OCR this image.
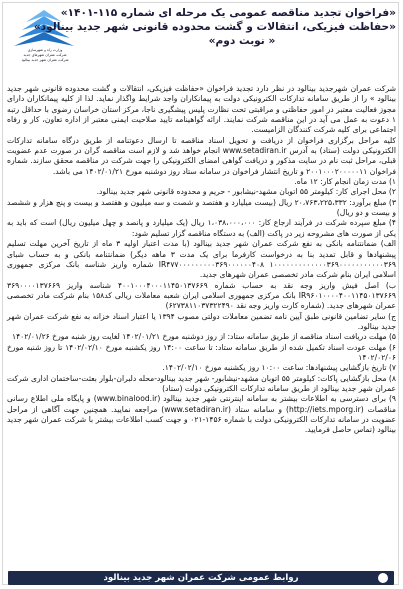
وزارت راه و شهرسازی
شرکت عمران شهرهای جدید
شرکت عمران شهر جدید بینالود
«فراخوان تجدید مناقصه عمومی یک مرحله ای شماره ۱۱۵-۱۴۰۱»
«حفاظت فیزیکی، انتقالات و گشت محدوده قانونی شهر جدید بینالود»
« نوبت دوم»

شرکت عمران شهرجدید بینالود در نظر دارد تجدید فراخوان «حفاظت فیزیکی، انتقالات و گشت محدوده قانونی شهر جدید بینالود » را از طریق سامانه تدارکات الکترونیکی دولت به پیمانکاران واجد شرایط واگذار نماید. لذا از کلیه پیمانکاران دارای مجوز فعالیت معتبر در امور حفاظتی و مراقبتی تحت نظارت پلیس پیشگیری ناجا، مرکز استان خراسان رضوی با حداقل رتبه ۱ دعوت به عمل می آید در این مناقصه شرکت نمایند. ارائه گواهینامه تایید صلاحیت ایمنی معتبر از اداره تعاون، کار و رفاه اجتماعی برای کلیه شرکت کنندگان الزامیست.

کلیه مراحل برگزاری فراخوان از دریافت و تحویل اسناد مناقصه تا ارسال دعوتنامه از طریق درگاه سامانه تدارکات الکترونیکی دولت (ستاد) به آدرس www.setadiran.ir انجام خواهد شد و لازم است مناقصه گران در صورت عدم عضویت قبلی، مراحل ثبت نام در سایت مذکور و دریافت گواهی امضای الکترونیکی را جهت شرکت در مناقصه محقق سازند. شماره فراخوان ۲۰۰۱۰۰۰۲۰۰۰۰۰۱۱ و تاریخ انتشار فراخوان در سامانه ستاد روز دوشنبه مورخ ۱۴۰۲/۰۱/۲۱ می باشد.

۱) مدت زمان انجام کار: ۱۲ ماه.

۲) محل اجرای کار: کیلومتر ۵۵ اتوبان مشهد-نیشابور - حریم و محدوده قانونی شهر جدید بینالود.

۳) مبلغ برآورد: ۲۰،۷۶۳،۲۲۵،۳۳۲ ریال (بیست میلیارد و هفتصد و شصت و سه میلیون و هفتصد و بیست و پنج هزار و ششصد و بیست و دو ریال)

۴) مبلغ سپرده شرکت در فرآیند ارجاع کار: ۱،۰۳۸،۰۰۰،۰۰۰ ریال (یک میلیارد و پانصد و چهل میلیون ریال) است که باید به یکی از صورت های مشروحه زیر در پاکت (الف) به دستگاه مناقصه گزار تسلیم شود:

الف) ضمانتنامه بانکی به نفع شرکت عمران شهر جدید بینالود (با مدت اعتبار اولیه ۳ ماه از تاریخ آخرین مهلت تسلیم پیشنهادها و قابل تمدید بنا به درخواست کارفرما برای یک مدت ۳ ماهه دیگر) ضمانتنامه بانکی و به حساب شبای ۱۰۰۰۰۰۰۰۰۰۰۰۰۰۳۶۹۰۰۰۰۰۰۰۰۰۰۰۳۶۹ IR۴۷۷۰۰۰۰۰۰۰۰۰۳۶۹۰۰۰۰۰۰۴۰۸ شماره واریز شناسه بانک مرکزی جمهوری اسلامی ایران بنام شرکت مادر تخصصی عمران شهرهای جدید.

ب) اصل فیش واریز وجه نقد به حساب شماره ۴۰۰۱۰۰۰۴۰۰۰۱۱۴۵۰۱۳۷۶۶۹ شناسه واریز ۳۶۹۰۰۰۰۱۳۷۶۶۹ IR۹۶۰۱۰۰۰۰۴۰۰۱۱۴۵۰۱۳۷۶۶۹ بانک مرکزی جمهوری اسلامی ایران شعبه معاملات ریالی کد۱۵۸ بنام شرکت مادر تخصصی عمران شهرهای جدید. (شماره کارت واریز وجه نقد ۶۲۷۳۸۱۱۰۳۷۳۲۲۴۹۰)

ج) سایر تضامین قانونی طبق آیین نامه تضمین معاملات دولتی مصوب ۱۳۹۴ یا اعتبار اسناد خزانه به نفع شرکت عمران شهر جدید بینالود.

۵) مهلت دریافت اسناد مناقصه از طریق سامانه ستاد: از روز دوشنبه مورخ ۱۴۰۲/۰۱/۲۱ لغایت روز شنبه مورخ ۱۴۰۲/۰۱/۲۶

۶) مهلت عودت اسناد تکمیل شده از طریق سامانه ستاد: تا ساعت ۱۴:۰۰ روز یکشنبه مورخ ۱۴۰۲/۰۲/۱۰ تا روز شنبه مورخ ۱۴۰۲/۰۲/۰۶

۷) تاریخ بازگشایی پیشنهادها: ساعت ۱۰:۰۰ روز یکشنبه مورخ ۱۴۰۲/۰۲/۱۰.

۸) محل بازگشایی پاکات: کیلومتر ۵۵ اتوبان مشهد-نیشابور- شهر جدید بینالود-محله دلبران-بلوار بعثت-ساختمان اداری شرکت عمران شهر جدید بینالود از طریق سامانه تدارکات الکترونیکی دولت (ستاد)

۹) برای دسترسی به اطلاعات بیشتر به سامانه اینترنتی شهر جدید بینالود (www.binalood.ir) و پایگاه ملی اطلاع رسانی مناقصات (http://iets.mporg.ir) و سامانه ستاد (www.setadiran.ir) مراجعه نمایید. همچنین جهت آگاهی از مراحل عضویت در سامانه تدارکات الکترونیکی دولت با شماره ۱۴۵۶-۰۲۱ و جهت کسب اطلاعات بیشتر با شرکت عمران شهر جدید بینالود (تماس حاصل فرمایید.

روابط عمومی شرکت عمران شهر جدید بینالود
